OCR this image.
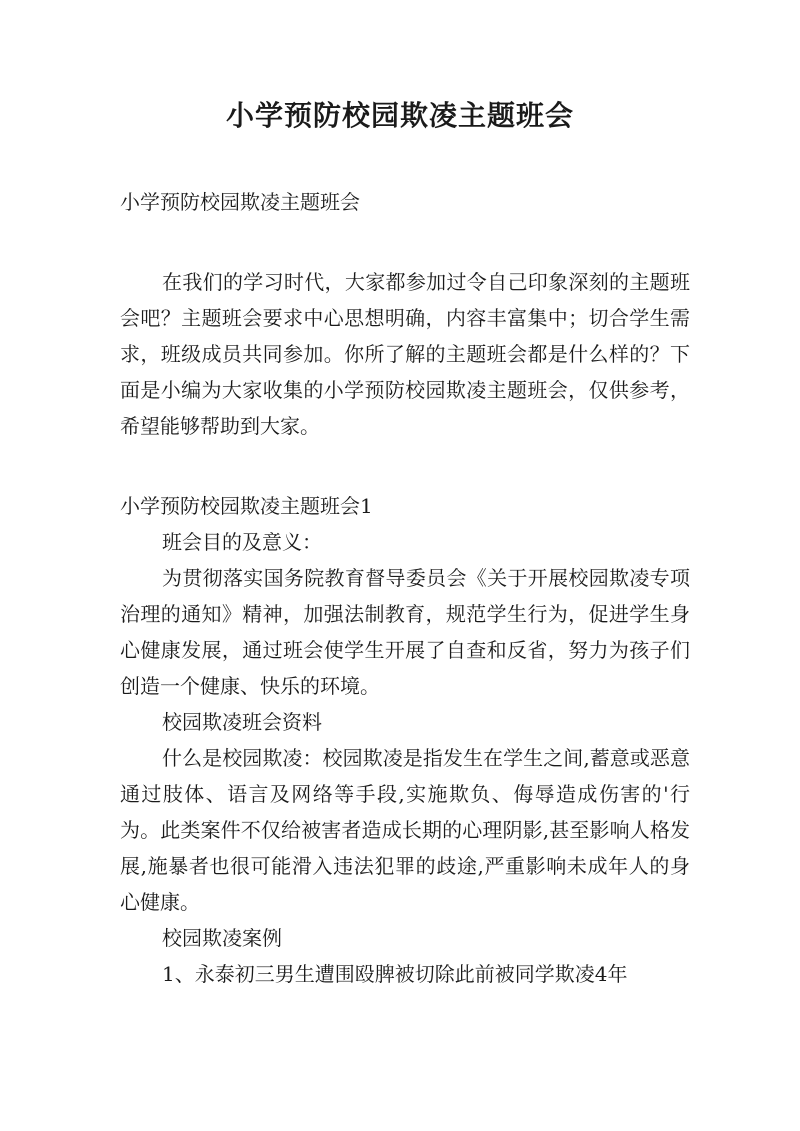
小学预防校园欺凌主题班会

小学预防校园欺凌主题班会

在我们的学习时代，大家都参加过令自己印象深刻的主题班会吧？主题班会要求中心思想明确，内容丰富集中；切合学生需求，班级成员共同参加。你所了解的主题班会都是什么样的？下面是小编为大家收集的小学预防校园欺凌主题班会，仅供参考，希望能够帮助到大家。

小学预防校园欺凌主题班会1

班会目的及意义：

为贯彻落实国务院教育督导委员会《关于开展校园欺凌专项治理的通知》精神，加强法制教育，规范学生行为，促进学生身心健康发展，通过班会使学生开展了自查和反省，努力为孩子们创造一个健康、快乐的环境。

校园欺凌班会资料

什么是校园欺凌：校园欺凌是指发生在学生之间,蓄意或恶意通过肢体、语言及网络等手段,实施欺负、侮辱造成伤害的'行为。此类案件不仅给被害者造成长期的心理阴影,甚至影响人格发展,施暴者也很可能滑入违法犯罪的歧途,严重影响未成年人的身心健康。

校园欺凌案例

1、永泰初三男生遭围殴脾被切除此前被同学欺凌4年
